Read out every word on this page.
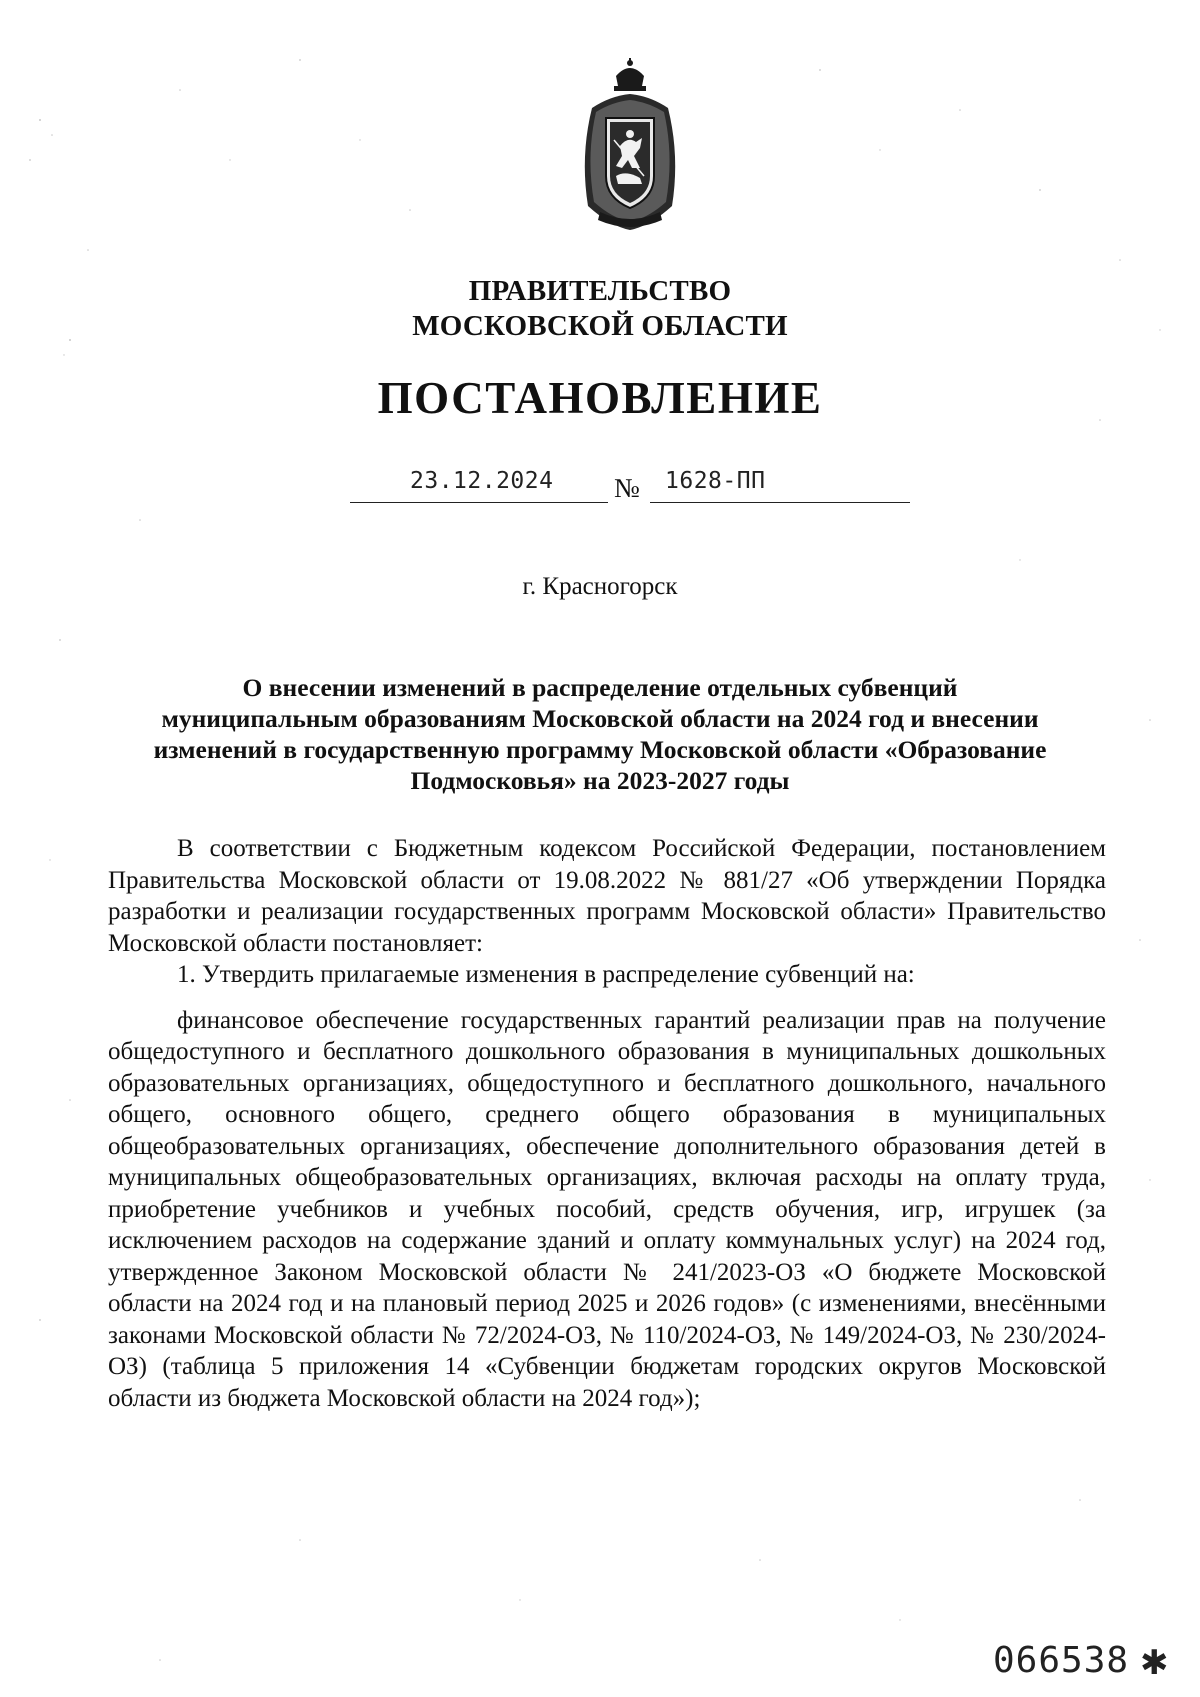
ПРАВИТЕЛЬСТВО
МОСКОВСКОЙ ОБЛАСТИ
ПОСТАНОВЛЕНИЕ
23.12.2024 № 1628-ПП
г. Красногорск
О внесении изменений в распределение отдельных субвенций
муниципальным образованиям Московской области на 2024 год и внесении
изменений в государственную программу Московской области «Образование
Подмосковья» на 2023-2027 годы

В соответствии с Бюджетным кодексом Российской Федерации, постановлением Правительства Московской области от 19.08.2022 № 881/27 «Об утверждении Порядка разработки и реализации государственных программ Московской области» Правительство Московской области постановляет:

1. Утвердить прилагаемые изменения в распределение субвенций на:

финансовое обеспечение государственных гарантий реализации прав на получение общедоступного и бесплатного дошкольного образования в муниципальных дошкольных образовательных организациях, общедоступного и бесплатного дошкольного, начального общего, основного общего, среднего общего образования в муниципальных общеобразовательных организациях, обеспечение дополнительного образования детей в муниципальных общеобразовательных организациях, включая расходы на оплату труда, приобретение учебников и учебных пособий, средств обучения, игр, игрушек (за исключением расходов на содержание зданий и оплату коммунальных услуг) на 2024 год, утвержденное Законом Московской области № 241/2023-ОЗ «О бюджете Московской области на 2024 год и на плановый период 2025 и 2026 годов» (с изменениями, внесёнными законами Московской области № 72/2024-ОЗ, № 110/2024-ОЗ, № 149/2024-ОЗ, № 230/2024-ОЗ) (таблица 5 приложения 14 «Субвенции бюджетам городских округов Московской области из бюджета Московской области на 2024 год»);

066538 ✱
